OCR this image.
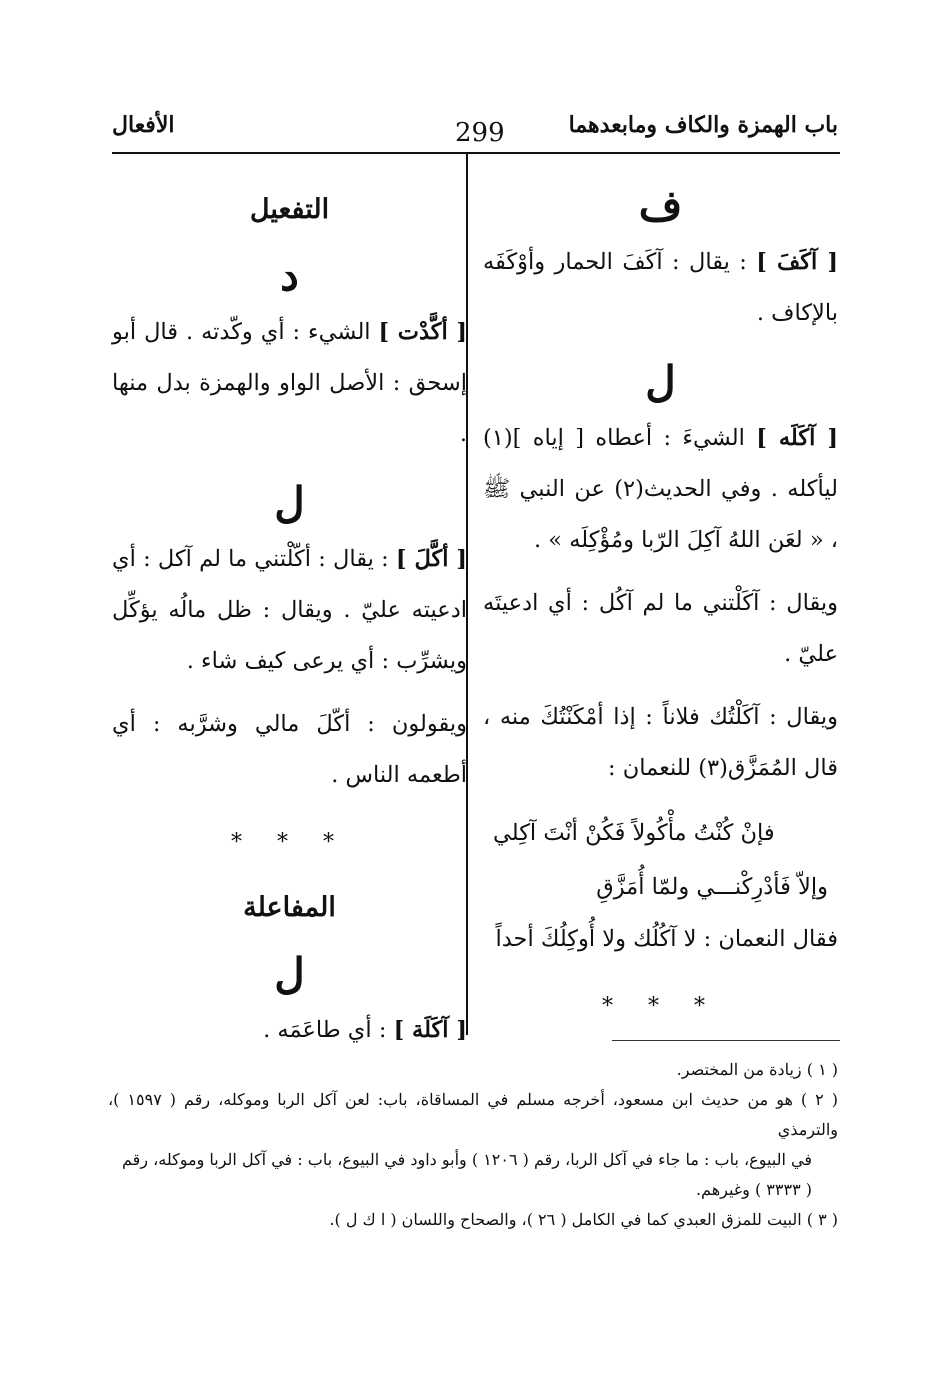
باب الهمزة والكاف ومابعدهما
299
الأفعال
ف

[ آكَفَ ] : يقال : آكَفَ الحمار وأوْكَفَه بالإكاف .

ل

[ آكَلَه ] الشيءَ : أعطاه [ إياه ](١) ليأكله . وفي الحديث(٢) عن النبي ﷺ ، « لعَن اللهُ آكِلَ الرّبا ومُؤْكِلَه » .

ويقال : آكَلْتني ما لم آكُل : أي ادعيتَه عليّ .

ويقال : آكَلْتُك فلاناً : إذا أمْكَنْتُكَ منه ، قال المُمَزَّق(٣) للنعمان :

فإنْ كُنْتُ مأْكُولاً فَكُنْ أنْتَ آكِلي
وإلاّ فَأدْرِكْنـــي ولمّا أُمَزَّقِ

فقال النعمان : لا آكُلُك ولا أُوكِلُكَ أحداً

* * *
التفعيل
د

[ أكَّدْت ] الشيء : أي وكّدته . قال أبو إسحق : الأصل الواو والهمزة بدل منها .

ل

[ أكَّلَ ] : يقال : أكّلْتني ما لم آكل : أي ادعيته عليّ . ويقال : ظل مالُه يؤكِّل ويشرِّب : أي يرعى كيف شاء .

ويقولون : أكّلَ مالي وشرَّبه : أي أطعمه الناس .

* * *
المفاعلة
ل

[ آكَلَة ] : أي طاعَمَه .

( ١ ) زيادة من المختصر.

( ٢ ) هو من حديث ابن مسعود، أخرجه مسلم في المساقاة، باب: لعن آكل الربا وموكله، رقم ( ١٥٩٧ )، والترمذي

في البيوع، باب : ما جاء في آكل الربا، رقم ( ١٢٠٦ ) وأبو داود في البيوع، باب : في آكل الربا وموكله، رقم

( ٣٣٣٣ ) وغيرهم.

( ٣ ) البيت للمزق العبدي كما في الكامل ( ٢٦ )، والصحاح واللسان ( ا ك ل ).
